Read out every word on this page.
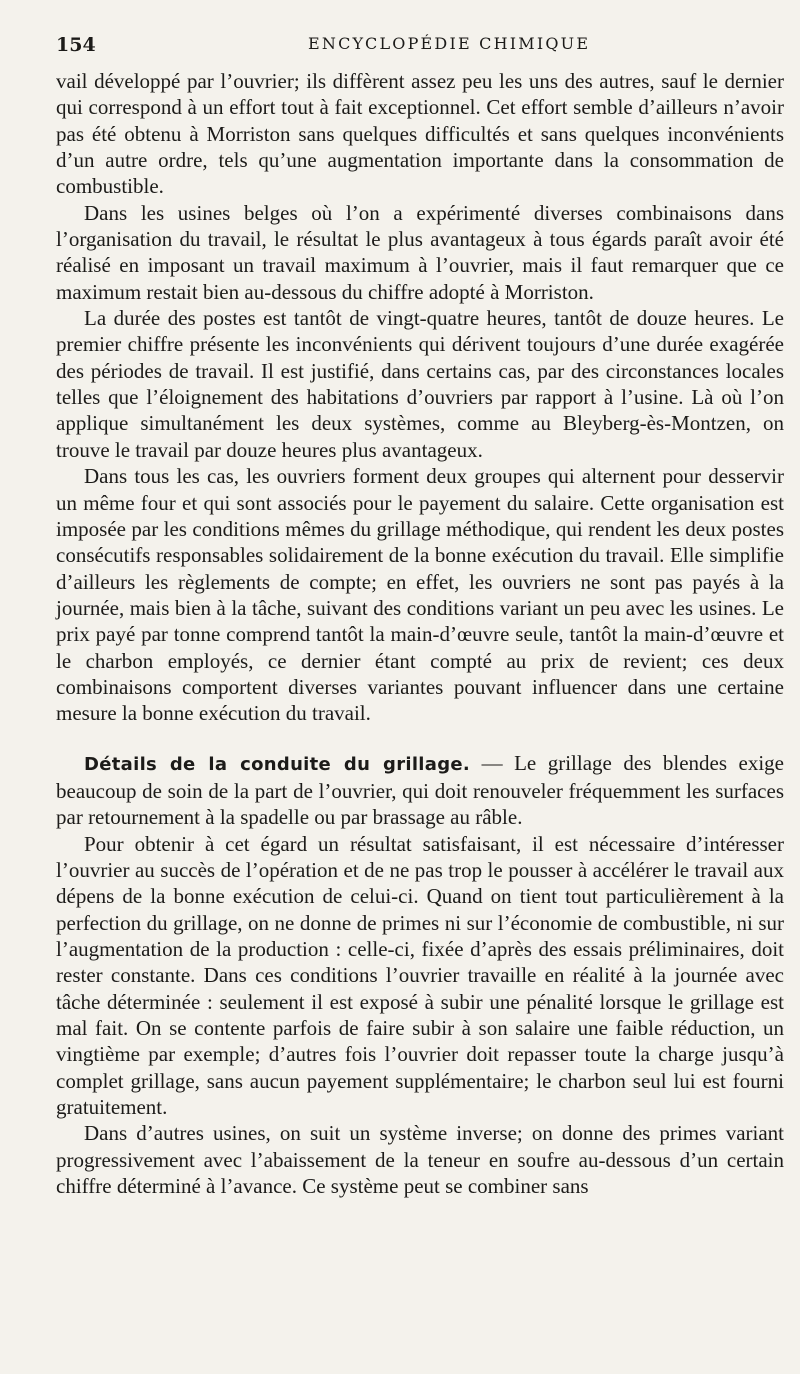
154	ENCYCLOPÉDIE CHIMIQUE

vail développé par l’ouvrier; ils diffèrent assez peu les uns des autres, sauf le dernier qui correspond à un effort tout à fait exceptionnel. Cet effort semble d’ailleurs n’avoir pas été obtenu à Morriston sans quelques difficultés et sans quelques inconvénients d’un autre ordre, tels qu’une augmentation importante dans la consommation de combustible.

Dans les usines belges où l’on a expérimenté diverses combinaisons dans l’organisation du travail, le résultat le plus avantageux à tous égards paraît avoir été réalisé en imposant un travail maximum à l’ouvrier, mais il faut remarquer que ce maximum restait bien au-dessous du chiffre adopté à Morriston.

La durée des postes est tantôt de vingt-quatre heures, tantôt de douze heures. Le premier chiffre présente les inconvénients qui dérivent toujours d’une durée exagérée des périodes de travail. Il est justifié, dans certains cas, par des circonstances locales telles que l’éloignement des habitations d’ouvriers par rapport à l’usine. Là où l’on applique simultanément les deux systèmes, comme au Bleyberg-ès-Montzen, on trouve le travail par douze heures plus avantageux.

Dans tous les cas, les ouvriers forment deux groupes qui alternent pour desservir un même four et qui sont associés pour le payement du salaire. Cette organisation est imposée par les conditions mêmes du grillage méthodique, qui rendent les deux postes consécutifs responsables solidairement de la bonne exécution du travail. Elle simplifie d’ailleurs les règlements de compte; en effet, les ouvriers ne sont pas payés à la journée, mais bien à la tâche, suivant des conditions variant un peu avec les usines. Le prix payé par tonne comprend tantôt la main-d’œuvre seule, tantôt la main-d’œuvre et le charbon employés, ce dernier étant compté au prix de revient; ces deux combinaisons comportent diverses variantes pouvant influencer dans une certaine mesure la bonne exécution du travail.

Détails de la conduite du grillage. — Le grillage des blendes exige beaucoup de soin de la part de l’ouvrier, qui doit renouveler fréquemment les surfaces par retournement à la spadelle ou par brassage au râble.

Pour obtenir à cet égard un résultat satisfaisant, il est nécessaire d’intéresser l’ouvrier au succès de l’opération et de ne pas trop le pousser à accélérer le travail aux dépens de la bonne exécution de celui-ci. Quand on tient tout particulièrement à la perfection du grillage, on ne donne de primes ni sur l’économie de combustible, ni sur l’augmentation de la production : celle-ci, fixée d’après des essais préliminaires, doit rester constante. Dans ces conditions l’ouvrier travaille en réalité à la journée avec tâche déterminée : seulement il est exposé à subir une pénalité lorsque le grillage est mal fait. On se contente parfois de faire subir à son salaire une faible réduction, un vingtième par exemple; d’autres fois l’ouvrier doit repasser toute la charge jusqu’à complet grillage, sans aucun payement supplémentaire; le charbon seul lui est fourni gratuitement.

Dans d’autres usines, on suit un système inverse; on donne des primes variant progressivement avec l’abaissement de la teneur en soufre au-dessous d’un certain chiffre déterminé à l’avance. Ce système peut se combiner sans
